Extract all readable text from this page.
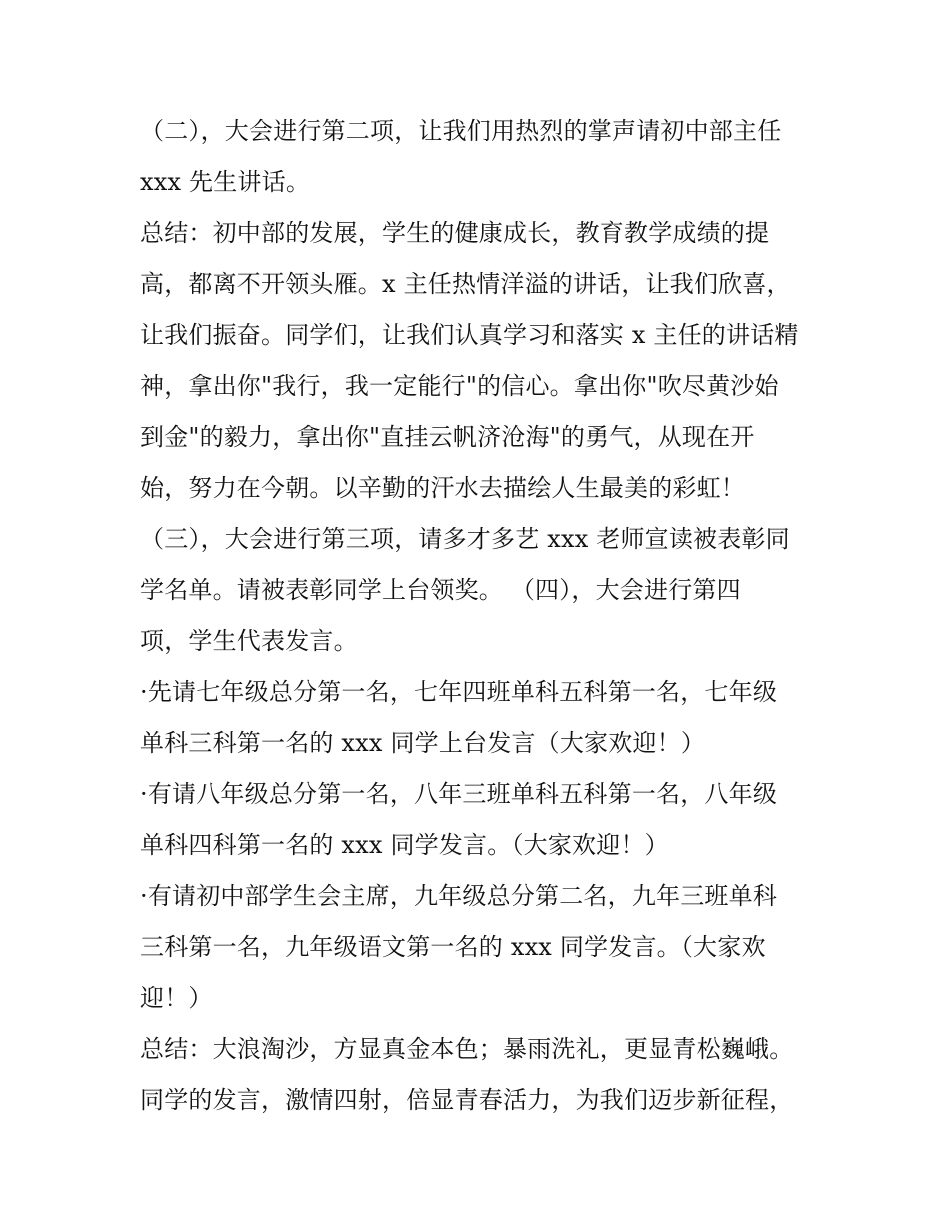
（二），大会进行第二项，让我们用热烈的掌声请初中部主任
xxx 先生讲话。
总结：初中部的发展，学生的健康成长，教育教学成绩的提
高，都离不开领头雁。x 主任热情洋溢的讲话，让我们欣喜，
让我们振奋。同学们，让我们认真学习和落实 x 主任的讲话精
神，拿出你"我行，我一定能行"的信心。拿出你"吹尽黄沙始
到金"的毅力，拿出你"直挂云帆济沧海"的勇气，从现在开
始，努力在今朝。以辛勤的汗水去描绘人生最美的彩虹！
（三），大会进行第三项，请多才多艺 xxx 老师宣读被表彰同
学名单。请被表彰同学上台领奖。 （四），大会进行第四
项，学生代表发言。
·先请七年级总分第一名，七年四班单科五科第一名，七年级
单科三科第一名的 xxx 同学上台发言（大家欢迎！）
·有请八年级总分第一名，八年三班单科五科第一名，八年级
单科四科第一名的 xxx 同学发言。（大家欢迎！）
·有请初中部学生会主席，九年级总分第二名，九年三班单科
三科第一名，九年级语文第一名的 xxx 同学发言。（大家欢
迎！）
总结：大浪淘沙，方显真金本色；暴雨洗礼，更显青松巍峨。
同学的发言，激情四射，倍显青春活力，为我们迈步新征程，
